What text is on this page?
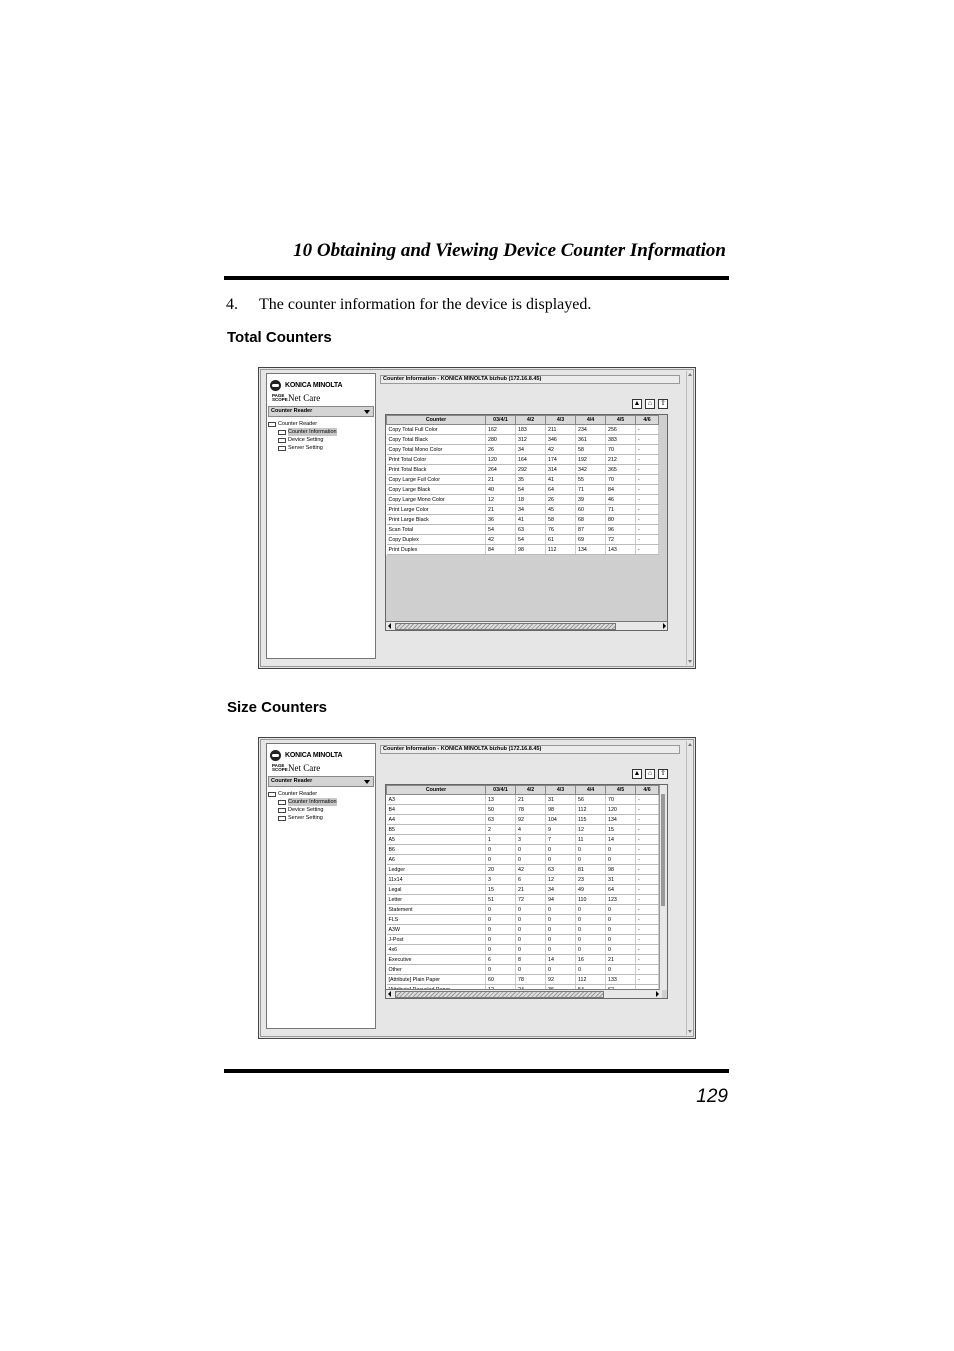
10 Obtaining and Viewing Device Counter Information
4. The counter information for the device is displayed.
Total Counters
Size Counters
KONICA MINOLTA
PAGE SCOPE Net Care
Counter Reader
Counter Reader
Counter Information
Device Setting
Server Setting
Counter Information - KONICA MINOLTA bizhub (172.16.8.45)
▲	⌂	⇧
Counter	03/4/1	4/2	4/3	4/4	4/5	4/6
Copy Total Full Color	162	183	211	234	256	-
Copy Total Black	280	312	346	361	383	-
Copy Total Mono Color	26	34	42	58	70	-
Print Total Color	120	164	174	192	212	-
Print Total Black	264	292	314	342	365	-
Copy Large Full Color	21	35	41	55	70	-
Copy Large Black	40	54	64	71	84	-
Copy Large Mono Color	12	18	26	39	46	-
Print Large Color	21	34	45	60	71	-
Print Large Black	36	41	58	68	80	-
Scan Total	54	63	76	87	96	-
Copy Duplex	42	54	61	69	72	-
Print Duplex	84	98	112	134	143	-
KONICA MINOLTA
PAGE SCOPE Net Care
Counter Reader
Counter Reader
Counter Information
Device Setting
Server Setting
Counter Information - KONICA MINOLTA bizhub (172.16.8.45)
▲	⌂	⇧
Counter	03/4/1	4/2	4/3	4/4	4/5	4/6
A3	13	21	31	56	70	-
B4	50	78	98	112	120	-
A4	63	92	104	115	134	-
B5	2	4	9	12	15	-
A5	1	3	7	11	14	-
B6	0	0	0	0	0	-
A6	0	0	0	0	0	-
Ledger	20	42	63	81	98	-
11x14	3	6	12	23	31	-
Legal	15	21	34	49	64	-
Letter	51	72	94	110	123	-
Statement	0	0	0	0	0	-
FLS	0	0	0	0	0	-
A3W	0	0	0	0	0	-
J-Post	0	0	0	0	0	-
4x6	0	0	0	0	0	-
Executive	6	8	14	16	21	-
Other	0	0	0	0	0	-
[Attribute] Plain Paper	60	78	92	112	133	-

129
